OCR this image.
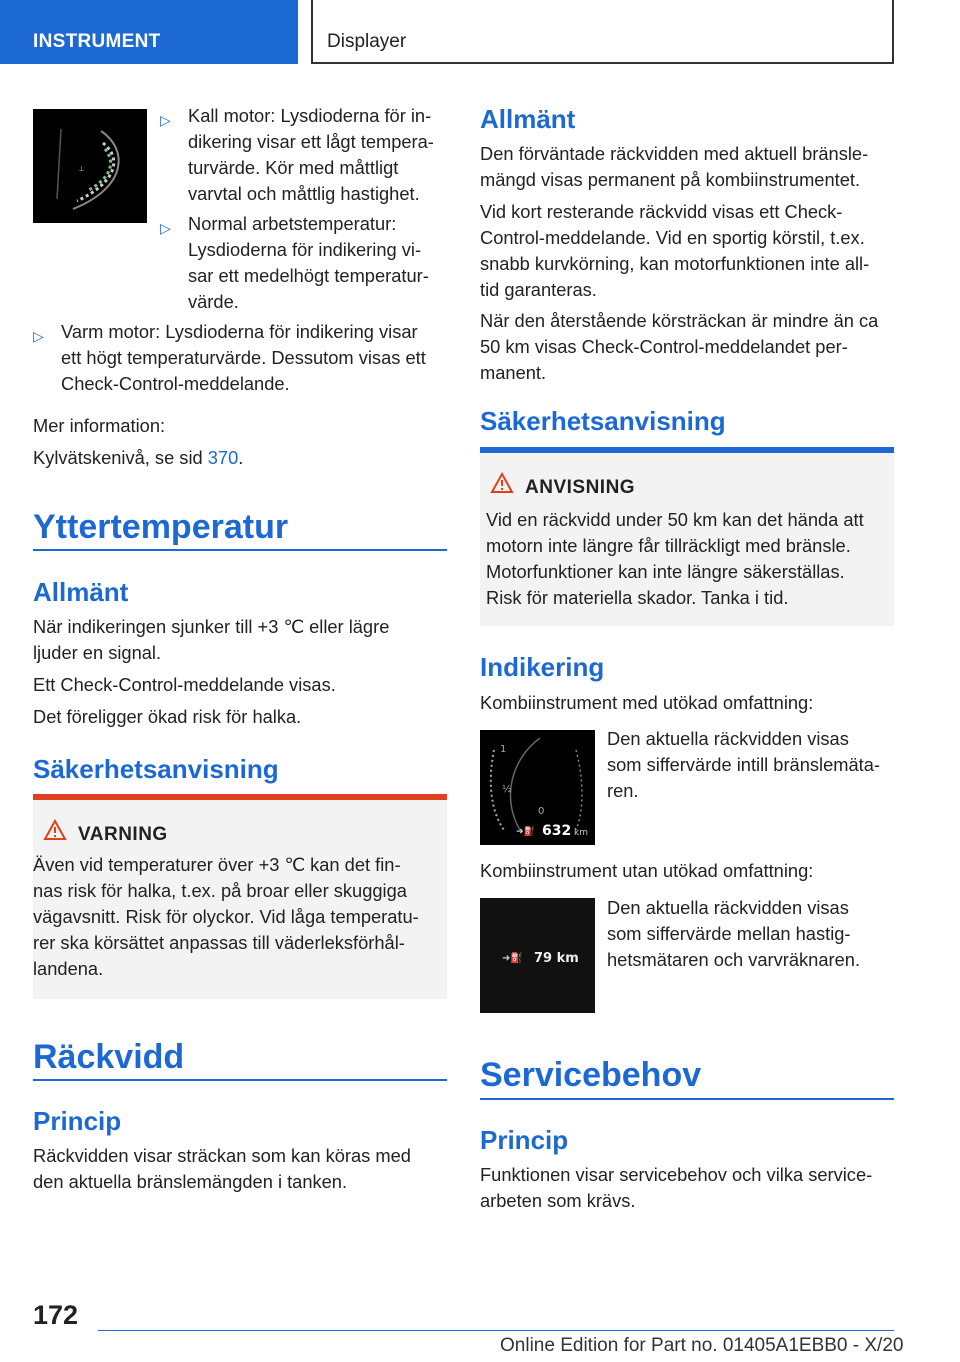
INSTRUMENT	Displayer
⟂
▷ Kall motor: Lysdioderna för in-
dikering visar ett lågt tempera-
turvärde. Kör med måttligt
varvtal och måttlig hastighet.
▷ Normal arbetstemperatur:
Lysdioderna för indikering vi-
sar ett medelhögt temperatur-
värde.
▷ Varm motor: Lysdioderna för indikering visar
ett högt temperaturvärde. Dessutom visas ett
Check-Control-meddelande.
Mer information:
Kylvätskenivå, se sid 370.
Yttertemperatur
Allmänt
När indikeringen sjunker till +3 ℃ eller lägre
ljuder en signal.
Ett Check-Control-meddelande visas.
Det föreligger ökad risk för halka.
Säkerhetsanvisning
VARNING
Även vid temperaturer över +3 ℃ kan det fin-
nas risk för halka, t.ex. på broar eller skuggiga
vägavsnitt. Risk för olyckor. Vid låga temperatu-
rer ska körsättet anpassas till väderleksförhål-
landena.
Räckvidd
Princip
Räckvidden visar sträckan som kan köras med
den aktuella bränslemängden i tanken.
Allmänt
Den förväntade räckvidden med aktuell bränsle-
mängd visas permanent på kombiinstrumentet.
Vid kort resterande räckvidd visas ett Check-
Control-meddelande. Vid en sportig körstil, t.ex.
snabb kurvkörning, kan motorfunktionen inte all-
tid garanteras.
När den återstående körsträckan är mindre än ca
50 km visas Check-Control-meddelandet per-
manent.
Säkerhetsanvisning
ANVISNING
Vid en räckvidd under 50 km kan det hända att
motorn inte längre får tillräckligt med bränsle.
Motorfunktioner kan inte längre säkerställas.
Risk för materiella skador. Tanka i tid.
Indikering
Kombiinstrument med utökad omfattning:
1
½
0
➜⛽ 632 km
Den aktuella räckvidden visas
som siffervärde intill bränslemäta-
ren.
Kombiinstrument utan utökad omfattning:
➜⛽ 79 km
Den aktuella räckvidden visas
som siffervärde mellan hastig-
hetsmätaren och varvräknaren.
Servicebehov
Princip
Funktionen visar servicebehov och vilka service-
arbeten som krävs.
172
Online Edition for Part no. 01405A1EBB0 - X/20
